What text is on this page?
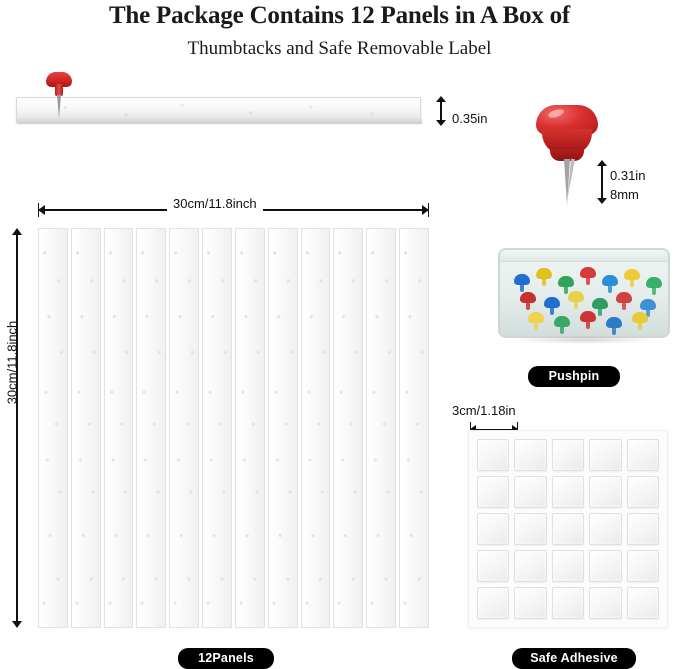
The Package Contains 12 Panels in A Box of
Thumbtacks and Safe Removable Label
0.35in
0.31in
8mm
Pushpin
30cm/11.8inch
30cm/11.8inch
12Panels
3cm/1.18in
Safe Adhesive
